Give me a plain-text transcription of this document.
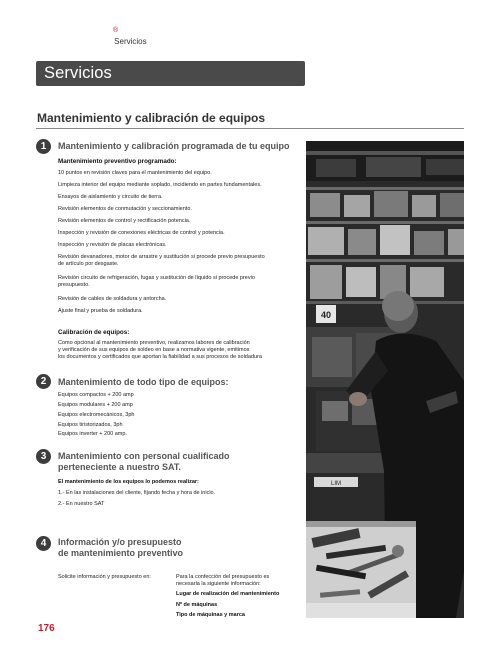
®
Servicios
Servicios
Mantenimiento y calibración de equipos
1	Mantenimiento y calibración programada de tu equipo
Mantenimiento preventivo programado:
10 puntos en revisión claves para el mantenimiento del equipo.
Limpieza interior del equipo mediante soplado, incidiendo en partes fundamentales.
Ensayos de aislamiento y circuito de tierra.
Revisión elementos de conmutación y seccionamiento.
Revisión elementos de control y rectificación potencia.
Inspección y revisión de conexiones eléctricas de control y potencia.
Inspección y revisión de placas electrónicas.
Revisión devanadores, motor de arrastre y sustitución si procede previo presupuesto
de artículo por desgaste.
Revisión circuito de refrigeración, fugas y sustitución de líquido si procede previo
presupuesto.
Revisión de cables de soldadura y antorcha.
Ajuste final y prueba de soldadura.
Calibración de equipos:
Como opcional al mantenimiento preventivo, realizamos labores de calibración
y verificación de sus equipos de soldeo en base a normativa vigente, emitimos
los documentos y certificados que aportan la fiabilidad a sus procesos de soldadura
2	Mantenimiento de todo tipo de equipos:
Equipos compactos + 200 amp
Equipos modulares + 200 amp
Equipos electromecánicos, 3ph
Equipos tiristorizados, 3ph
Equipos inverter + 200 amp.
3	Mantenimiento con personal cualificado
perteneciente a nuestro SAT.
El mantenimiento de los equipos lo podemos realizar:
1.- En las instalaciones del cliente, fijando fecha y hora de inicio.
2.- En nuestro SAT
4	Información y/o presupuesto
de mantenimiento preventivo
Solicite información y presupuesto en:	Para la confección del presupuesto es
necesaria la siguiente información:
Lugar de realización del mantenimiento
Nº de máquinas
Tipo de máquinas y marca
176
40
LIM
